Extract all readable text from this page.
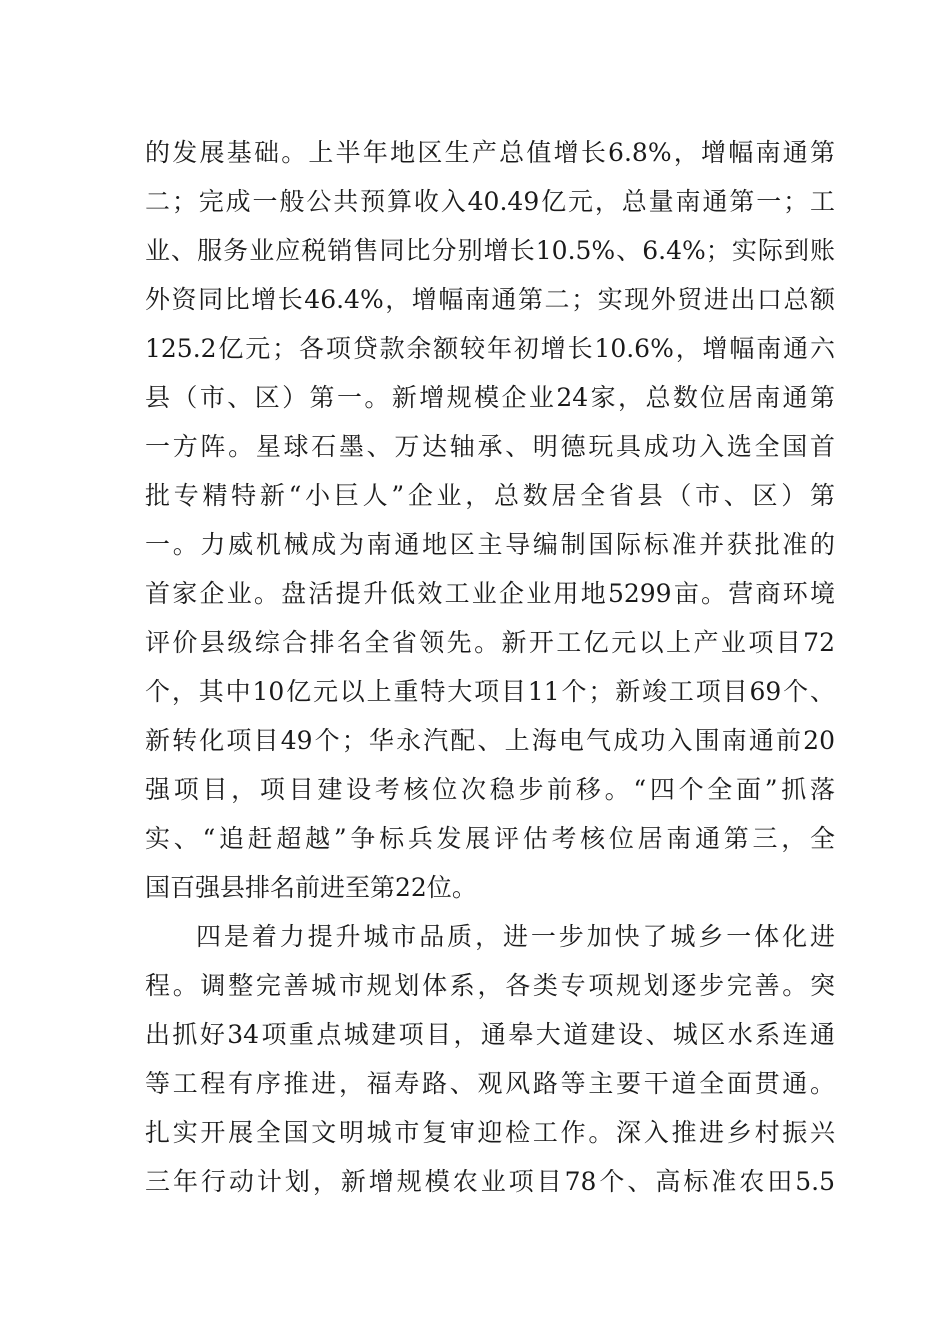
的发展基础。上半年地区生产总值增长6.8%，增幅南通第
二；完成一般公共预算收入40.49亿元，总量南通第一；工
业、服务业应税销售同比分别增长10.5%、6.4%；实际到账
外资同比增长46.4%，增幅南通第二；实现外贸进出口总额
125.2亿元；各项贷款余额较年初增长10.6%，增幅南通六
县（市、区）第一。新增规模企业24家，总数位居南通第
一方阵。星球石墨、万达轴承、明德玩具成功入选全国首
批专精特新“小巨人”企业，总数居全省县（市、区）第
一。力威机械成为南通地区主导编制国际标准并获批准的
首家企业。盘活提升低效工业企业用地5299亩。营商环境
评价县级综合排名全省领先。新开工亿元以上产业项目72
个，其中10亿元以上重特大项目11个；新竣工项目69个、
新转化项目49个；华永汽配、上海电气成功入围南通前20
强项目，项目建设考核位次稳步前移。“四个全面”抓落
实、“追赶超越”争标兵发展评估考核位居南通第三，全
国百强县排名前进至第22位。
四是着力提升城市品质，进一步加快了城乡一体化进
程。调整完善城市规划体系，各类专项规划逐步完善。突
出抓好34项重点城建项目，通皋大道建设、城区水系连通
等工程有序推进，福寿路、观风路等主要干道全面贯通。
扎实开展全国文明城市复审迎检工作。深入推进乡村振兴
三年行动计划，新增规模农业项目78个、高标准农田5.5
